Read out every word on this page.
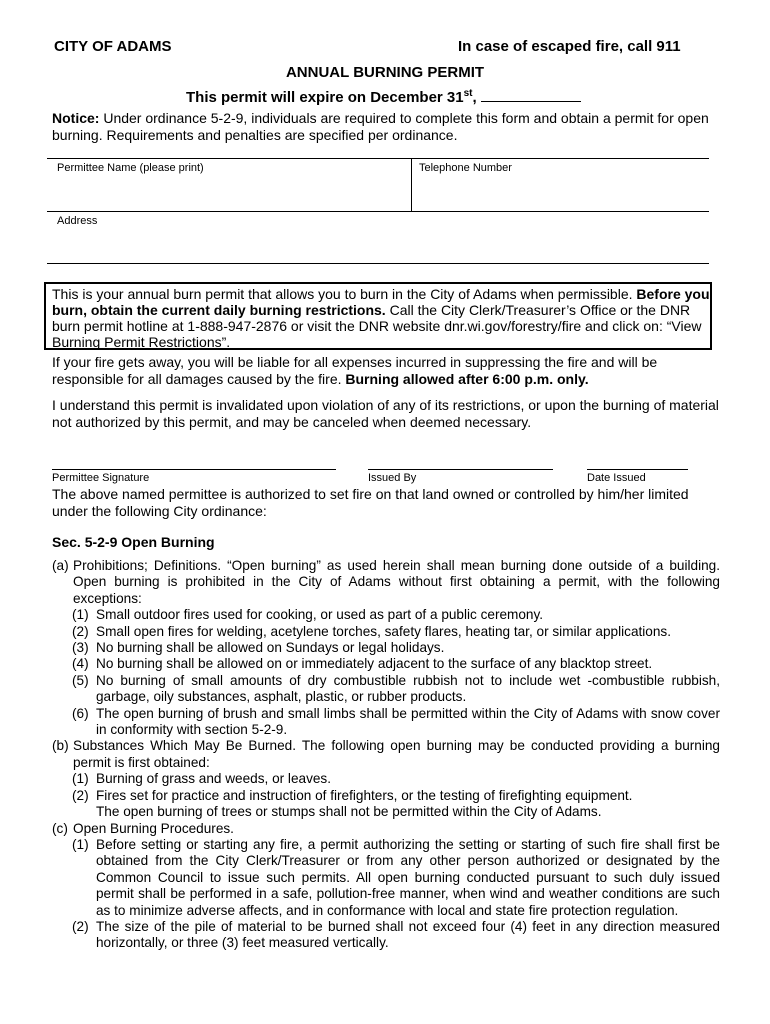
CITY OF ADAMS	In case of escaped fire, call 911
ANNUAL BURNING PERMIT
This permit will expire on December 31st,
Notice: Under ordinance 5-2-9, individuals are required to complete this form and obtain a permit for open burning. Requirements and penalties are specified per ordinance.
Permittee Name (please print)	Telephone Number
Address
This is your annual burn permit that allows you to burn in the City of Adams when permissible. Before you burn, obtain the current daily burning restrictions. Call the City Clerk/Treasurer’s Office or the DNR burn permit hotline at 1-888-947-2876 or visit the DNR website dnr.wi.gov/forestry/fire and click on: “View Burning Permit Restrictions”.
If your fire gets away, you will be liable for all expenses incurred in suppressing the fire and will be responsible for all damages caused by the fire. Burning allowed after 6:00 p.m. only.
I understand this permit is invalidated upon violation of any of its restrictions, or upon the burning of material not authorized by this permit, and may be canceled when deemed necessary.
Permittee Signature	Issued By	Date Issued
The above named permittee is authorized to set fire on that land owned or controlled by him/her limited under the following City ordinance:
Sec. 5-2-9 Open Burning
(a) Prohibitions; Definitions. “Open burning” as used herein shall mean burning done outside of a building. Open burning is prohibited in the City of Adams without first obtaining a permit, with the following exceptions:
(1) Small outdoor fires used for cooking, or used as part of a public ceremony.
(2) Small open fires for welding, acetylene torches, safety flares, heating tar, or similar applications.
(3) No burning shall be allowed on Sundays or legal holidays.
(4) No burning shall be allowed on or immediately adjacent to the surface of any blacktop street.
(5) No burning of small amounts of dry combustible rubbish not to include wet -combustible rubbish, garbage, oily substances, asphalt, plastic, or rubber products.
(6) The open burning of brush and small limbs shall be permitted within the City of Adams with snow cover in conformity with section 5-2-9.
(b) Substances Which May Be Burned. The following open burning may be conducted providing a burning permit is first obtained:
(1) Burning of grass and weeds, or leaves.
(2) Fires set for practice and instruction of firefighters, or the testing of firefighting equipment.
The open burning of trees or stumps shall not be permitted within the City of Adams.
(c) Open Burning Procedures.
(1) Before setting or starting any fire, a permit authorizing the setting or starting of such fire shall first be obtained from the City Clerk/Treasurer or from any other person authorized or designated by the Common Council to issue such permits. All open burning conducted pursuant to such duly issued permit shall be performed in a safe, pollution-free manner, when wind and weather conditions are such as to minimize adverse affects, and in conformance with local and state fire protection regulation.
(2) The size of the pile of material to be burned shall not exceed four (4) feet in any direction measured horizontally, or three (3) feet measured vertically.
